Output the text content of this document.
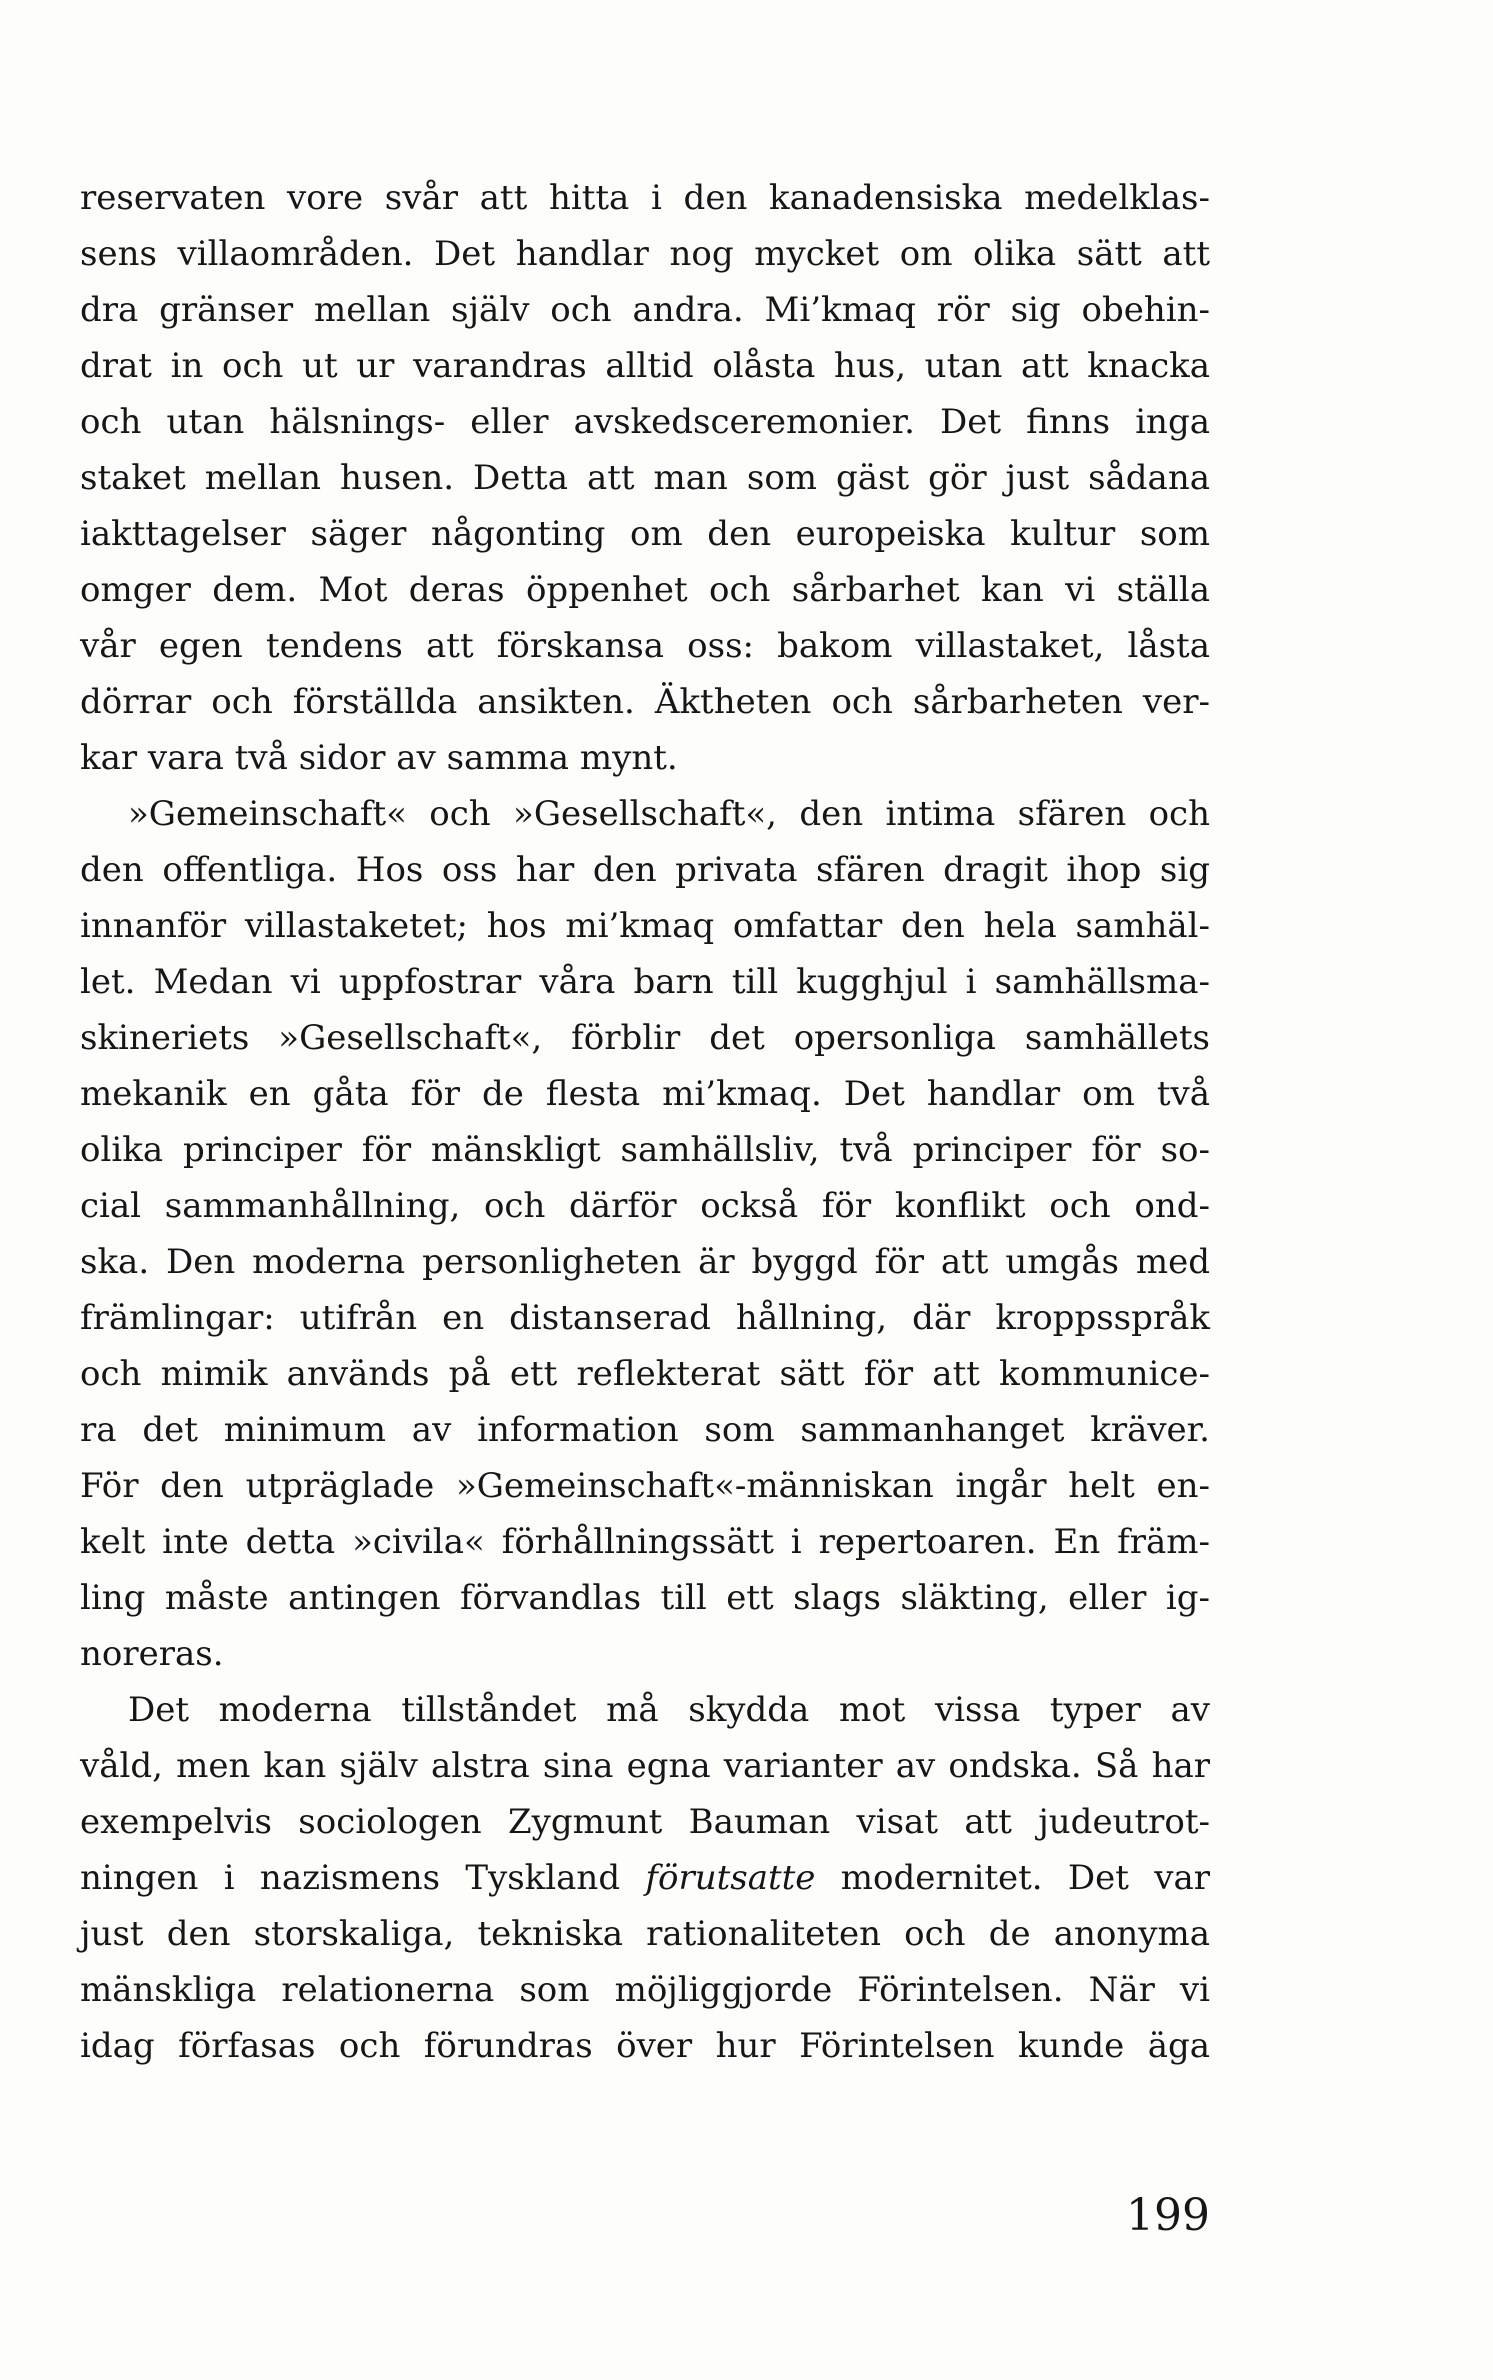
reservaten vore svår att hitta i den kanadensiska medelklas-
sens villaområden. Det handlar nog mycket om olika sätt att
dra gränser mellan själv och andra. Mi’kmaq rör sig obehin-
drat in och ut ur varandras alltid olåsta hus, utan att knacka
och utan hälsnings- eller avskedsceremonier. Det finns inga
staket mellan husen. Detta att man som gäst gör just sådana
iakttagelser säger någonting om den europeiska kultur som
omger dem. Mot deras öppenhet och sårbarhet kan vi ställa
vår egen tendens att förskansa oss: bakom villastaket, låsta
dörrar och förställda ansikten. Äktheten och sårbarheten ver-
kar vara två sidor av samma mynt.
»Gemeinschaft« och »Gesellschaft«, den intima sfären och
den offentliga. Hos oss har den privata sfären dragit ihop sig
innanför villastaketet; hos mi’kmaq omfattar den hela samhäl-
let. Medan vi uppfostrar våra barn till kugghjul i samhällsma-
skineriets »Gesellschaft«, förblir det opersonliga samhällets
mekanik en gåta för de flesta mi’kmaq. Det handlar om två
olika principer för mänskligt samhällsliv, två principer för so-
cial sammanhållning, och därför också för konflikt och ond-
ska. Den moderna personligheten är byggd för att umgås med
främlingar: utifrån en distanserad hållning, där kroppsspråk
och mimik används på ett reflekterat sätt för att kommunice-
ra det minimum av information som sammanhanget kräver.
För den utpräglade »Gemeinschaft«-människan ingår helt en-
kelt inte detta »civila« förhållningssätt i repertoaren. En främ-
ling måste antingen förvandlas till ett slags släkting, eller ig-
noreras.
Det moderna tillståndet må skydda mot vissa typer av
våld, men kan själv alstra sina egna varianter av ondska. Så har
exempelvis sociologen Zygmunt Bauman visat att judeutrot-
ningen i nazismens Tyskland förutsatte modernitet. Det var
just den storskaliga, tekniska rationaliteten och de anonyma
mänskliga relationerna som möjliggjorde Förintelsen. När vi
idag förfasas och förundras över hur Förintelsen kunde äga
199
